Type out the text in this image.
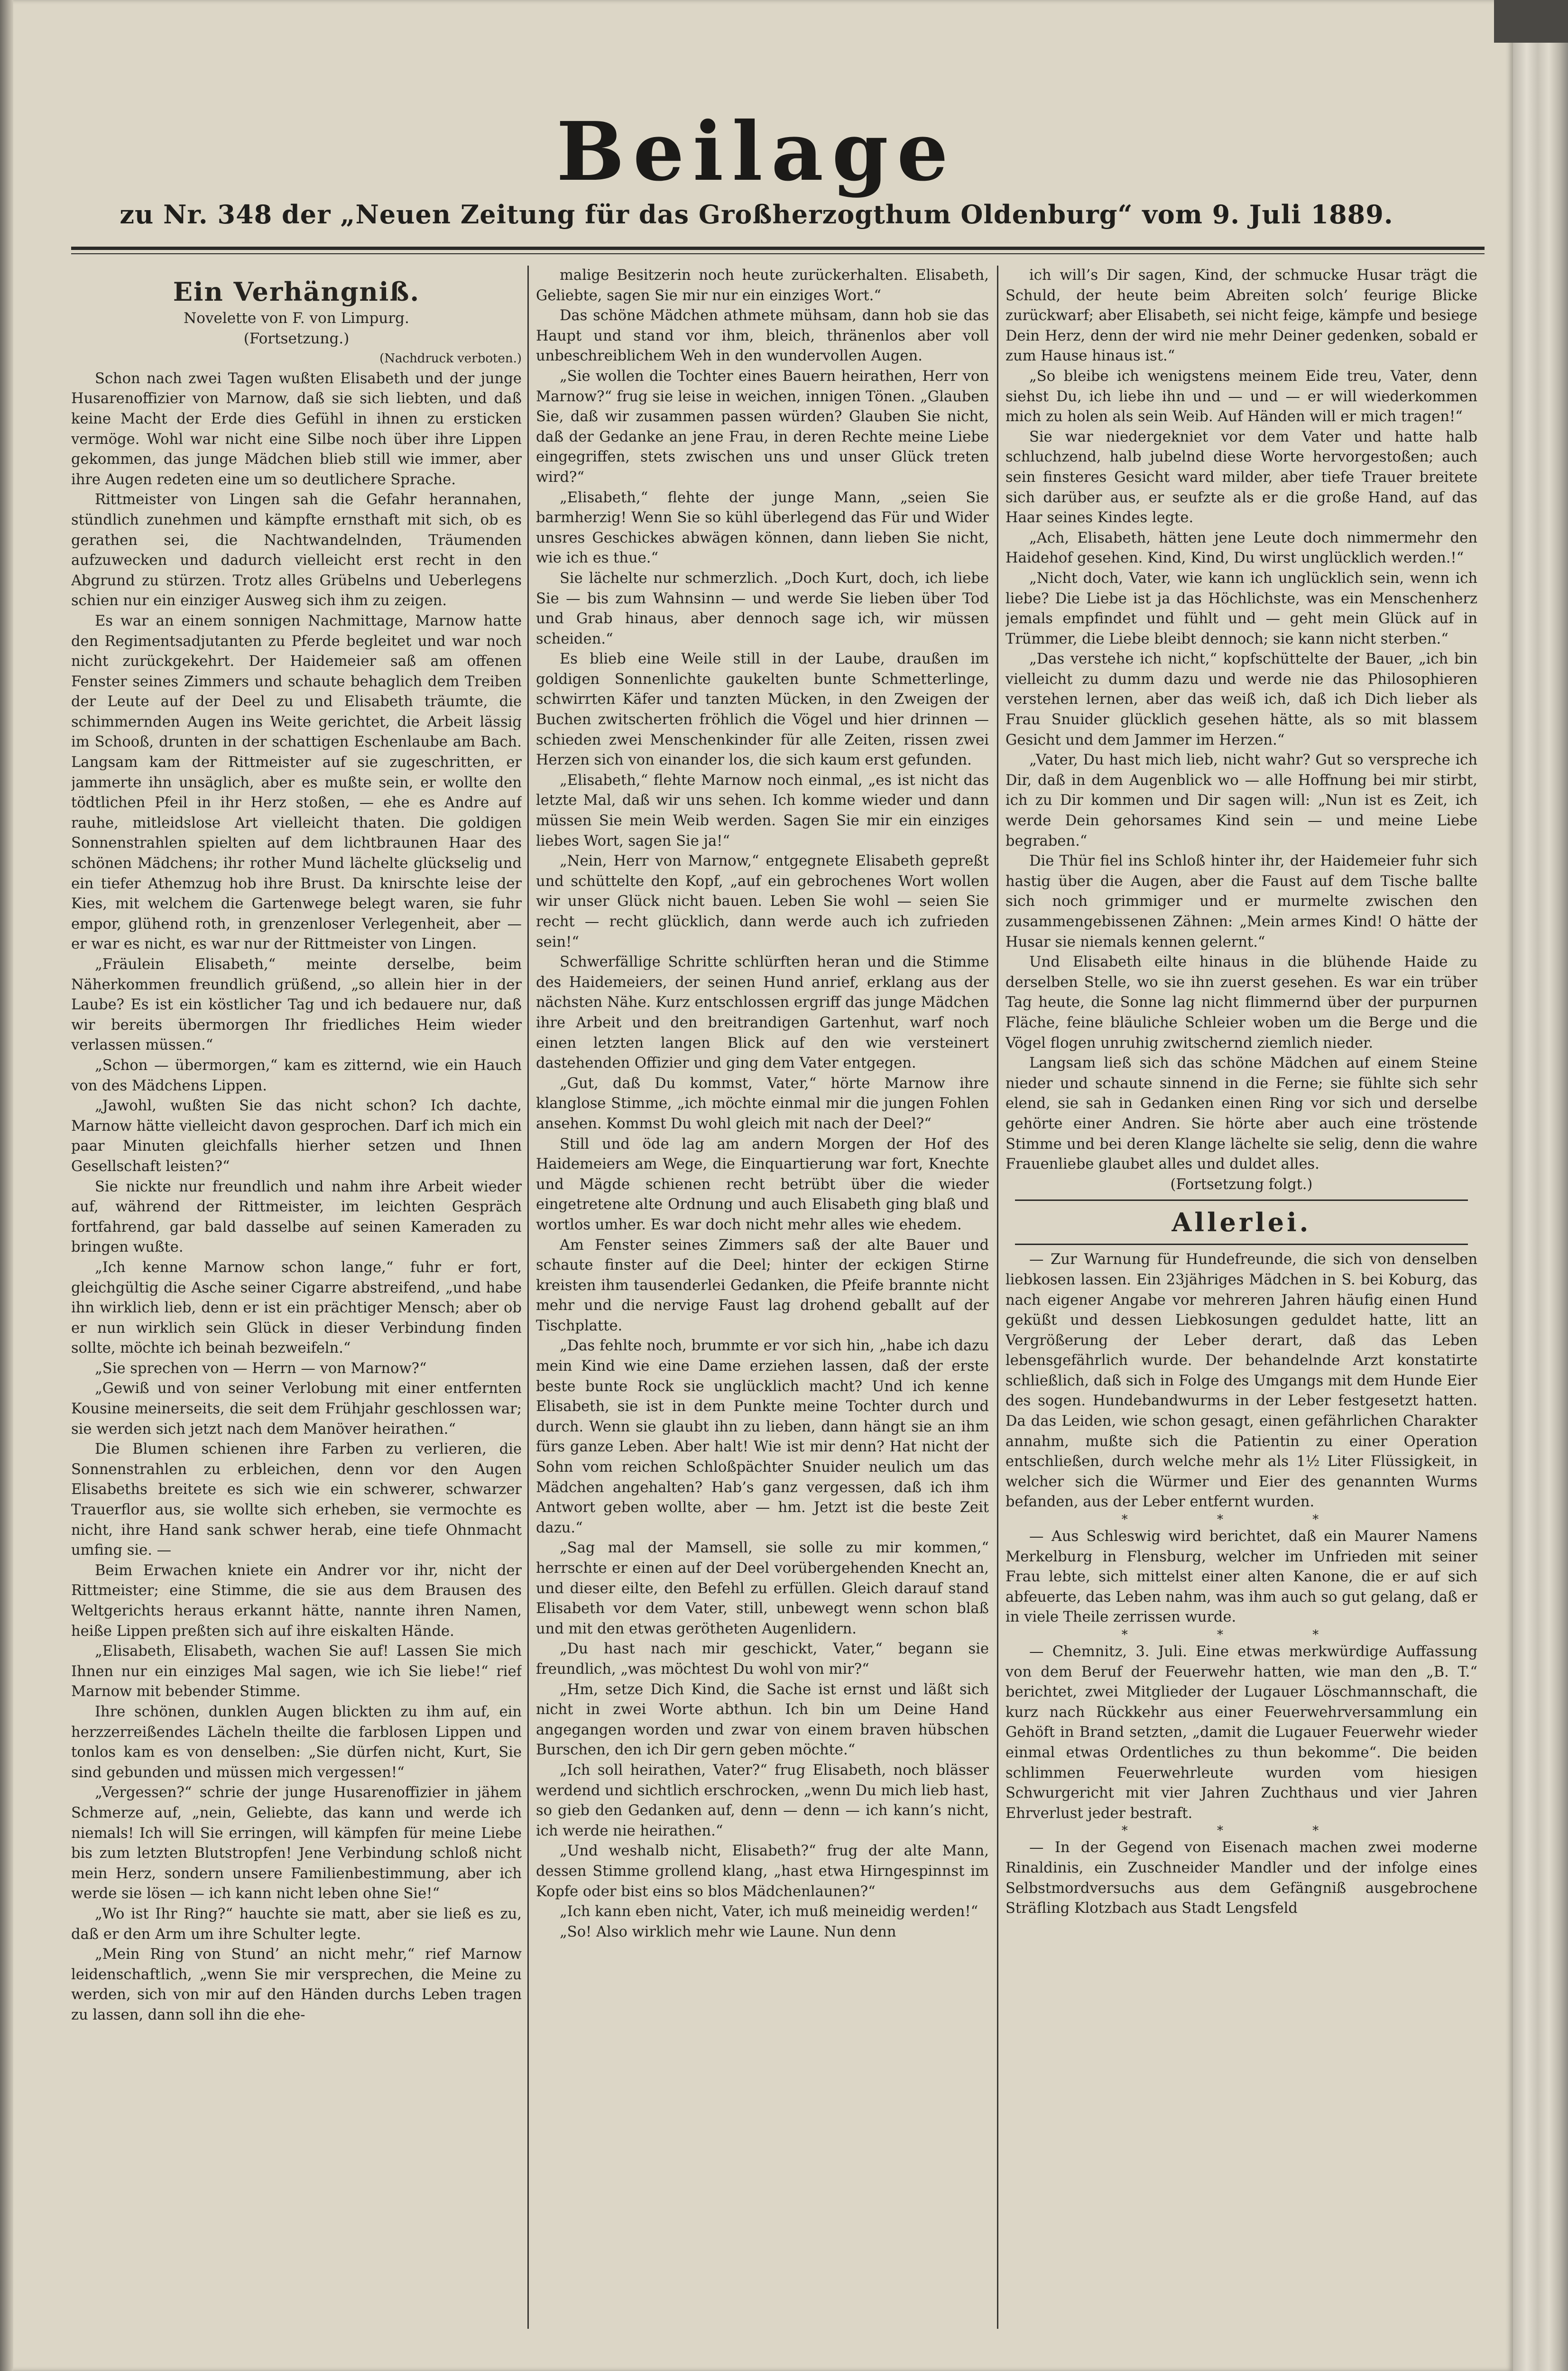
Beilage
zu Nr. 348 der „Neuen Zeitung für das Großherzogthum Oldenburg“ vom 9. Juli 1889.
Ein Verhängniß.

Novelette von F. von Limpurg.

(Fortsetzung.)

(Nachdruck verboten.)

Schon nach zwei Tagen wußten Elisabeth und der junge Husarenoffizier von Marnow, daß sie sich liebten, und daß keine Macht der Erde dies Gefühl in ihnen zu ersticken vermöge. Wohl war nicht eine Silbe noch über ihre Lippen gekommen, das junge Mädchen blieb still wie immer, aber ihre Augen redeten eine um so deutlichere Sprache.

Rittmeister von Lingen sah die Gefahr herannahen, stündlich zunehmen und kämpfte ernsthaft mit sich, ob es gerathen sei, die Nachtwandelnden, Träumenden aufzuwecken und dadurch vielleicht erst recht in den Abgrund zu stürzen. Trotz alles Grübelns und Ueberlegens schien nur ein einziger Ausweg sich ihm zu zeigen.

Es war an einem sonnigen Nachmittage, Marnow hatte den Regimentsadjutanten zu Pferde begleitet und war noch nicht zurückgekehrt. Der Haidemeier saß am offenen Fenster seines Zimmers und schaute behaglich dem Treiben der Leute auf der Deel zu und Elisabeth träumte, die schimmernden Augen ins Weite gerichtet, die Arbeit lässig im Schooß, drunten in der schattigen Eschenlaube am Bach. Langsam kam der Rittmeister auf sie zugeschritten, er jammerte ihn unsäglich, aber es mußte sein, er wollte den tödtlichen Pfeil in ihr Herz stoßen, — ehe es Andre auf rauhe, mitleidslose Art vielleicht thaten. Die goldigen Sonnenstrahlen spielten auf dem lichtbraunen Haar des schönen Mädchens; ihr rother Mund lächelte glückselig und ein tiefer Athemzug hob ihre Brust. Da knirschte leise der Kies, mit welchem die Gartenwege belegt waren, sie fuhr empor, glühend roth, in grenzenloser Verlegenheit, aber — er war es nicht, es war nur der Rittmeister von Lingen.

„Fräulein Elisabeth,“ meinte derselbe, beim Näherkommen freundlich grüßend, „so allein hier in der Laube? Es ist ein köstlicher Tag und ich bedauere nur, daß wir bereits übermorgen Ihr friedliches Heim wieder verlassen müssen.“

„Schon — übermorgen,“ kam es zitternd, wie ein Hauch von des Mädchens Lippen.

„Jawohl, wußten Sie das nicht schon? Ich dachte, Marnow hätte vielleicht davon gesprochen. Darf ich mich ein paar Minuten gleichfalls hierher setzen und Ihnen Gesellschaft leisten?“

Sie nickte nur freundlich und nahm ihre Arbeit wieder auf, während der Rittmeister, im leichten Gespräch fortfahrend, gar bald dasselbe auf seinen Kameraden zu bringen wußte.

„Ich kenne Marnow schon lange,“ fuhr er fort, gleichgültig die Asche seiner Cigarre abstreifend, „und habe ihn wirklich lieb, denn er ist ein prächtiger Mensch; aber ob er nun wirklich sein Glück in dieser Verbindung finden sollte, möchte ich beinah bezweifeln.“

„Sie sprechen von — Herrn — von Marnow?“

„Gewiß und von seiner Verlobung mit einer entfernten Kousine meinerseits, die seit dem Frühjahr geschlossen war; sie werden sich jetzt nach dem Manöver heirathen.“

Die Blumen schienen ihre Farben zu verlieren, die Sonnenstrahlen zu erbleichen, denn vor den Augen Elisabeths breitete es sich wie ein schwerer, schwarzer Trauerflor aus, sie wollte sich erheben, sie vermochte es nicht, ihre Hand sank schwer herab, eine tiefe Ohnmacht umfing sie. —

Beim Erwachen kniete ein Andrer vor ihr, nicht der Rittmeister; eine Stimme, die sie aus dem Brausen des Weltgerichts heraus erkannt hätte, nannte ihren Namen, heiße Lippen preßten sich auf ihre eiskalten Hände.

„Elisabeth, Elisabeth, wachen Sie auf! Lassen Sie mich Ihnen nur ein einziges Mal sagen, wie ich Sie liebe!“ rief Marnow mit bebender Stimme.

Ihre schönen, dunklen Augen blickten zu ihm auf, ein herzzerreißendes Lächeln theilte die farblosen Lippen und tonlos kam es von denselben: „Sie dürfen nicht, Kurt, Sie sind gebunden und müssen mich vergessen!“

„Vergessen?“ schrie der junge Husarenoffizier in jähem Schmerze auf, „nein, Geliebte, das kann und werde ich niemals! Ich will Sie erringen, will kämpfen für meine Liebe bis zum letzten Blutstropfen! Jene Verbindung schloß nicht mein Herz, sondern unsere Familienbestimmung, aber ich werde sie lösen — ich kann nicht leben ohne Sie!“

„Wo ist Ihr Ring?“ hauchte sie matt, aber sie ließ es zu, daß er den Arm um ihre Schulter legte.

„Mein Ring von Stund’ an nicht mehr,“ rief Marnow leidenschaftlich, „wenn Sie mir versprechen, die Meine zu werden, sich von mir auf den Händen durchs Leben tragen zu lassen, dann soll ihn die ehe-

malige Besitzerin noch heute zurückerhalten. Elisabeth, Geliebte, sagen Sie mir nur ein einziges Wort.“

Das schöne Mädchen athmete mühsam, dann hob sie das Haupt und stand vor ihm, bleich, thränenlos aber voll unbeschreiblichem Weh in den wundervollen Augen.

„Sie wollen die Tochter eines Bauern heirathen, Herr von Marnow?“ frug sie leise in weichen, innigen Tönen. „Glauben Sie, daß wir zusammen passen würden? Glauben Sie nicht, daß der Gedanke an jene Frau, in deren Rechte meine Liebe eingegriffen, stets zwischen uns und unser Glück treten wird?“

„Elisabeth,“ flehte der junge Mann, „seien Sie barmherzig! Wenn Sie so kühl überlegend das Für und Wider unsres Geschickes abwägen können, dann lieben Sie nicht, wie ich es thue.“

Sie lächelte nur schmerzlich. „Doch Kurt, doch, ich liebe Sie — bis zum Wahnsinn — und werde Sie lieben über Tod und Grab hinaus, aber dennoch sage ich, wir müssen scheiden.“

Es blieb eine Weile still in der Laube, draußen im goldigen Sonnenlichte gaukelten bunte Schmetterlinge, schwirrten Käfer und tanzten Mücken, in den Zweigen der Buchen zwitscherten fröhlich die Vögel und hier drinnen — schieden zwei Menschenkinder für alle Zeiten, rissen zwei Herzen sich von einander los, die sich kaum erst gefunden.

„Elisabeth,“ flehte Marnow noch einmal, „es ist nicht das letzte Mal, daß wir uns sehen. Ich komme wieder und dann müssen Sie mein Weib werden. Sagen Sie mir ein einziges liebes Wort, sagen Sie ja!“

„Nein, Herr von Marnow,“ entgegnete Elisabeth gepreßt und schüttelte den Kopf, „auf ein gebrochenes Wort wollen wir unser Glück nicht bauen. Leben Sie wohl — seien Sie recht — recht glücklich, dann werde auch ich zufrieden sein!“

Schwerfällige Schritte schlürften heran und die Stimme des Haidemeiers, der seinen Hund anrief, erklang aus der nächsten Nähe. Kurz entschlossen ergriff das junge Mädchen ihre Arbeit und den breitrandigen Gartenhut, warf noch einen letzten langen Blick auf den wie versteinert dastehenden Offizier und ging dem Vater entgegen.

„Gut, daß Du kommst, Vater,“ hörte Marnow ihre klanglose Stimme, „ich möchte einmal mir die jungen Fohlen ansehen. Kommst Du wohl gleich mit nach der Deel?“

Still und öde lag am andern Morgen der Hof des Haidemeiers am Wege, die Einquartierung war fort, Knechte und Mägde schienen recht betrübt über die wieder eingetretene alte Ordnung und auch Elisabeth ging blaß und wortlos umher. Es war doch nicht mehr alles wie ehedem.

Am Fenster seines Zimmers saß der alte Bauer und schaute finster auf die Deel; hinter der eckigen Stirne kreisten ihm tausenderlei Gedanken, die Pfeife brannte nicht mehr und die nervige Faust lag drohend geballt auf der Tischplatte.

„Das fehlte noch, brummte er vor sich hin, „habe ich dazu mein Kind wie eine Dame erziehen lassen, daß der erste beste bunte Rock sie unglücklich macht? Und ich kenne Elisabeth, sie ist in dem Punkte meine Tochter durch und durch. Wenn sie glaubt ihn zu lieben, dann hängt sie an ihm fürs ganze Leben. Aber halt! Wie ist mir denn? Hat nicht der Sohn vom reichen Schloßpächter Snuider neulich um das Mädchen angehalten? Hab’s ganz vergessen, daß ich ihm Antwort geben wollte, aber — hm. Jetzt ist die beste Zeit dazu.“

„Sag mal der Mamsell, sie solle zu mir kommen,“ herrschte er einen auf der Deel vorübergehenden Knecht an, und dieser eilte, den Befehl zu erfüllen. Gleich darauf stand Elisabeth vor dem Vater, still, unbewegt wenn schon blaß und mit den etwas gerötheten Augenlidern.

„Du hast nach mir geschickt, Vater,“ begann sie freundlich, „was möchtest Du wohl von mir?“

„Hm, setze Dich Kind, die Sache ist ernst und läßt sich nicht in zwei Worte abthun. Ich bin um Deine Hand angegangen worden und zwar von einem braven hübschen Burschen, den ich Dir gern geben möchte.“

„Ich soll heirathen, Vater?“ frug Elisabeth, noch blässer werdend und sichtlich erschrocken, „wenn Du mich lieb hast, so gieb den Gedanken auf, denn — denn — ich kann’s nicht, ich werde nie heirathen.“

„Und weshalb nicht, Elisabeth?“ frug der alte Mann, dessen Stimme grollend klang, „hast etwa Hirngespinnst im Kopfe oder bist eins so blos Mädchenlaunen?“

„Ich kann eben nicht, Vater, ich muß meineidig werden!“

„So! Also wirklich mehr wie Laune. Nun denn

ich will’s Dir sagen, Kind, der schmucke Husar trägt die Schuld, der heute beim Abreiten solch’ feurige Blicke zurückwarf; aber Elisabeth, sei nicht feige, kämpfe und besiege Dein Herz, denn der wird nie mehr Deiner gedenken, sobald er zum Hause hinaus ist.“

„So bleibe ich wenigstens meinem Eide treu, Vater, denn siehst Du, ich liebe ihn und — und — er will wiederkommen mich zu holen als sein Weib. Auf Händen will er mich tragen!“

Sie war niedergekniet vor dem Vater und hatte halb schluchzend, halb jubelnd diese Worte hervorgestoßen; auch sein finsteres Gesicht ward milder, aber tiefe Trauer breitete sich darüber aus, er seufzte als er die große Hand, auf das Haar seines Kindes legte.

„Ach, Elisabeth, hätten jene Leute doch nimmermehr den Haidehof gesehen. Kind, Kind, Du wirst unglücklich werden.!“

„Nicht doch, Vater, wie kann ich unglücklich sein, wenn ich liebe? Die Liebe ist ja das Höchlichste, was ein Menschenherz jemals empfindet und fühlt und — geht mein Glück auf in Trümmer, die Liebe bleibt dennoch; sie kann nicht sterben.“

„Das verstehe ich nicht,“ kopfschüttelte der Bauer, „ich bin vielleicht zu dumm dazu und werde nie das Philosophieren verstehen lernen, aber das weiß ich, daß ich Dich lieber als Frau Snuider glücklich gesehen hätte, als so mit blassem Gesicht und dem Jammer im Herzen.“

„Vater, Du hast mich lieb, nicht wahr? Gut so verspreche ich Dir, daß in dem Augenblick wo — alle Hoffnung bei mir stirbt, ich zu Dir kommen und Dir sagen will: „Nun ist es Zeit, ich werde Dein gehorsames Kind sein — und meine Liebe begraben.“

Die Thür fiel ins Schloß hinter ihr, der Haidemeier fuhr sich hastig über die Augen, aber die Faust auf dem Tische ballte sich noch grimmiger und er murmelte zwischen den zusammengebissenen Zähnen: „Mein armes Kind! O hätte der Husar sie niemals kennen gelernt.“

Und Elisabeth eilte hinaus in die blühende Haide zu derselben Stelle, wo sie ihn zuerst gesehen. Es war ein trüber Tag heute, die Sonne lag nicht flimmernd über der purpurnen Fläche, feine bläuliche Schleier woben um die Berge und die Vögel flogen unruhig zwitschernd ziemlich nieder.

Langsam ließ sich das schöne Mädchen auf einem Steine nieder und schaute sinnend in die Ferne; sie fühlte sich sehr elend, sie sah in Gedanken einen Ring vor sich und derselbe gehörte einer Andren. Sie hörte aber auch eine tröstende Stimme und bei deren Klange lächelte sie selig, denn die wahre Frauenliebe glaubet alles und duldet alles.

(Fortsetzung folgt.)

Allerlei.

— Zur Warnung für Hundefreunde, die sich von denselben liebkosen lassen. Ein 23jähriges Mädchen in S. bei Koburg, das nach eigener Angabe vor mehreren Jahren häufig einen Hund geküßt und dessen Liebkosungen geduldet hatte, litt an Vergrößerung der Leber derart, daß das Leben lebensgefährlich wurde. Der behandelnde Arzt konstatirte schließlich, daß sich in Folge des Umgangs mit dem Hunde Eier des sogen. Hundebandwurms in der Leber festgesetzt hatten. Da das Leiden, wie schon gesagt, einen gefährlichen Charakter annahm, mußte sich die Patientin zu einer Operation entschließen, durch welche mehr als 1½ Liter Flüssigkeit, in welcher sich die Würmer und Eier des genannten Wurms befanden, aus der Leber entfernt wurden.

* * *

— Aus Schleswig wird berichtet, daß ein Maurer Namens Merkelburg in Flensburg, welcher im Unfrieden mit seiner Frau lebte, sich mittelst einer alten Kanone, die er auf sich abfeuerte, das Leben nahm, was ihm auch so gut gelang, daß er in viele Theile zerrissen wurde.

* * *

— Chemnitz, 3. Juli. Eine etwas merkwürdige Auffassung von dem Beruf der Feuerwehr hatten, wie man den „B. T.“ berichtet, zwei Mitglieder der Lugauer Löschmannschaft, die kurz nach Rückkehr aus einer Feuerwehrversammlung ein Gehöft in Brand setzten, „damit die Lugauer Feuerwehr wieder einmal etwas Ordentliches zu thun bekomme“. Die beiden schlimmen Feuerwehrleute wurden vom hiesigen Schwurgericht mit vier Jahren Zuchthaus und vier Jahren Ehrverlust jeder bestraft.

* * *

— In der Gegend von Eisenach machen zwei moderne Rinaldinis, ein Zuschneider Mandler und der infolge eines Selbstmordversuchs aus dem Gefängniß ausgebrochene Sträfling Klotzbach aus Stadt Lengsfeld
